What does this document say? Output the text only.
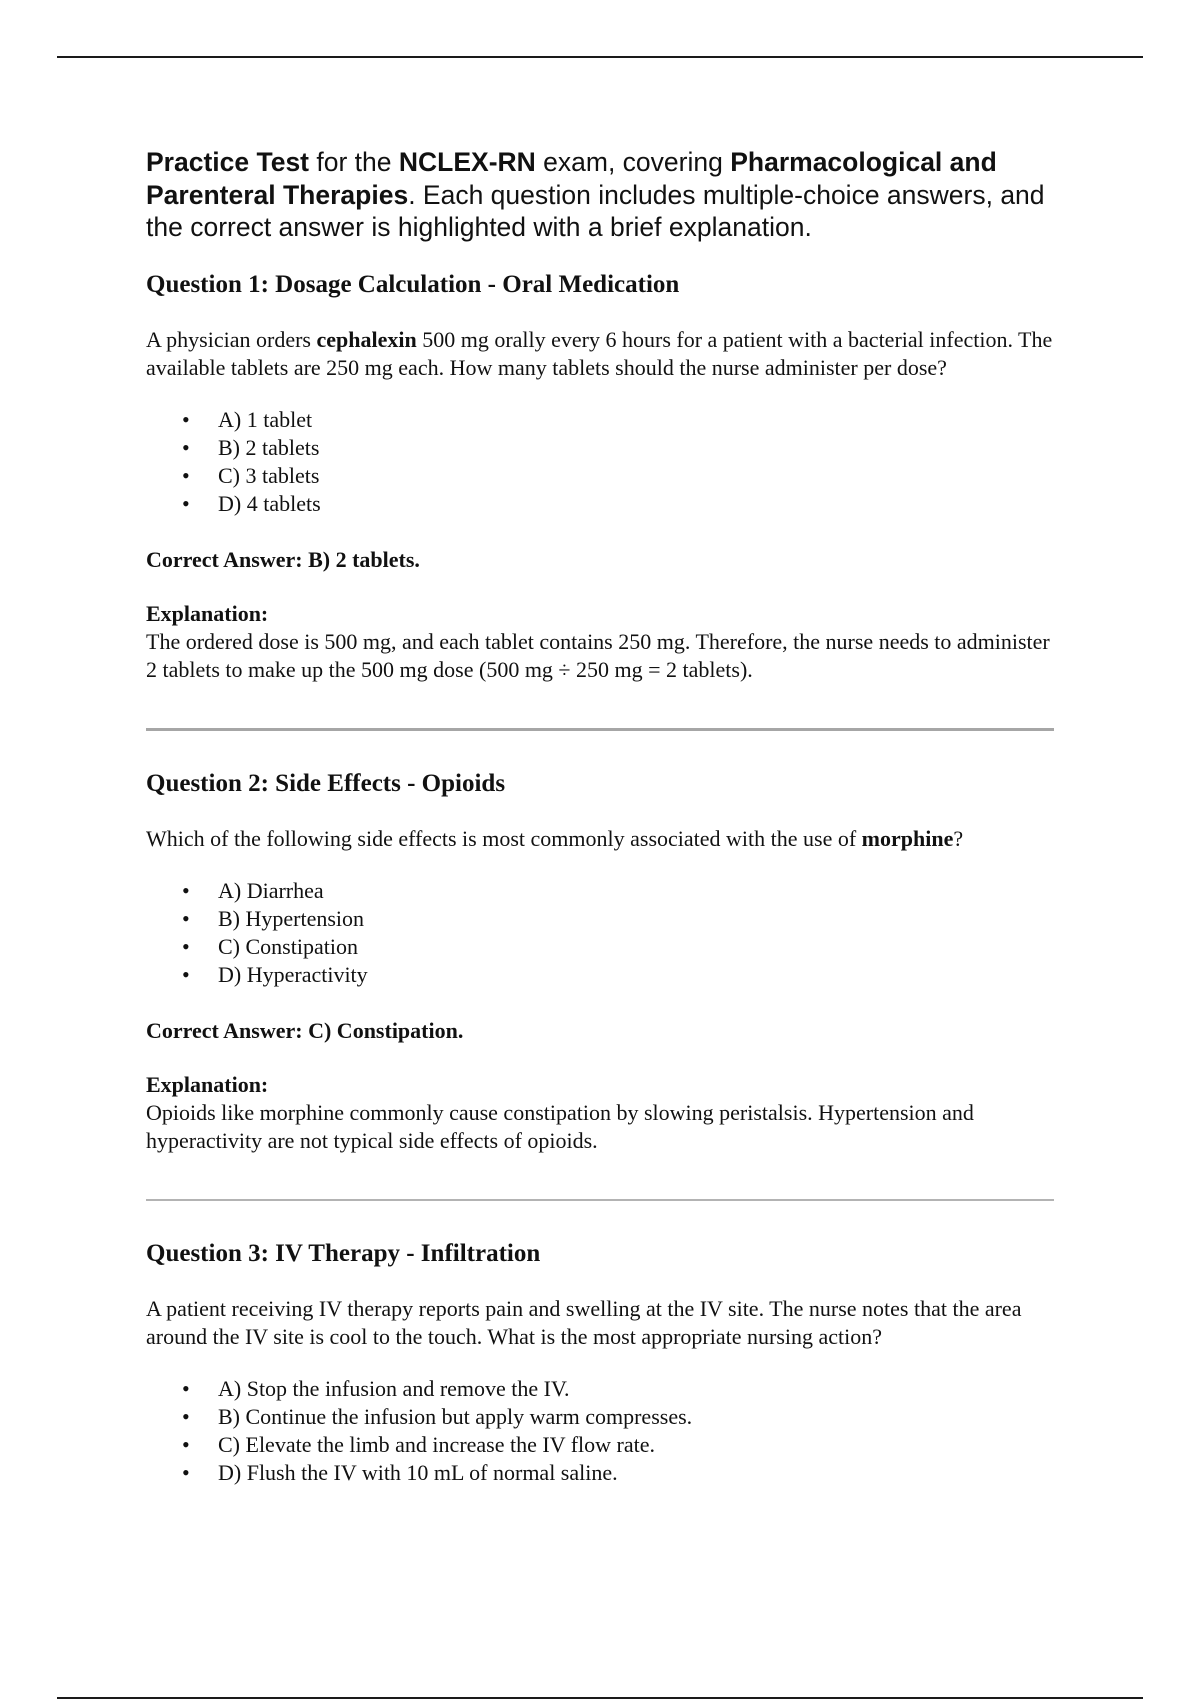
Practice Test for the NCLEX-RN exam, covering Pharmacological and Parenteral Therapies. Each question includes multiple-choice answers, and the correct answer is highlighted with a brief explanation.

Question 1: Dosage Calculation - Oral Medication

A physician orders cephalexin 500 mg orally every 6 hours for a patient with a bacterial infection. The available tablets are 250 mg each. How many tablets should the nurse administer per dose?

• A) 1 tablet
• B) 2 tablets
• C) 3 tablets
• D) 4 tablets

Correct Answer: B) 2 tablets.

Explanation:

The ordered dose is 500 mg, and each tablet contains 250 mg. Therefore, the nurse needs to administer 2 tablets to make up the 500 mg dose (500 mg ÷ 250 mg = 2 tablets).

Question 2: Side Effects - Opioids

Which of the following side effects is most commonly associated with the use of morphine?

• A) Diarrhea
• B) Hypertension
• C) Constipation
• D) Hyperactivity

Correct Answer: C) Constipation.

Explanation:

Opioids like morphine commonly cause constipation by slowing peristalsis. Hypertension and hyperactivity are not typical side effects of opioids.

Question 3: IV Therapy - Infiltration

A patient receiving IV therapy reports pain and swelling at the IV site. The nurse notes that the area around the IV site is cool to the touch. What is the most appropriate nursing action?

• A) Stop the infusion and remove the IV.
• B) Continue the infusion but apply warm compresses.
• C) Elevate the limb and increase the IV flow rate.
• D) Flush the IV with 10 mL of normal saline.
